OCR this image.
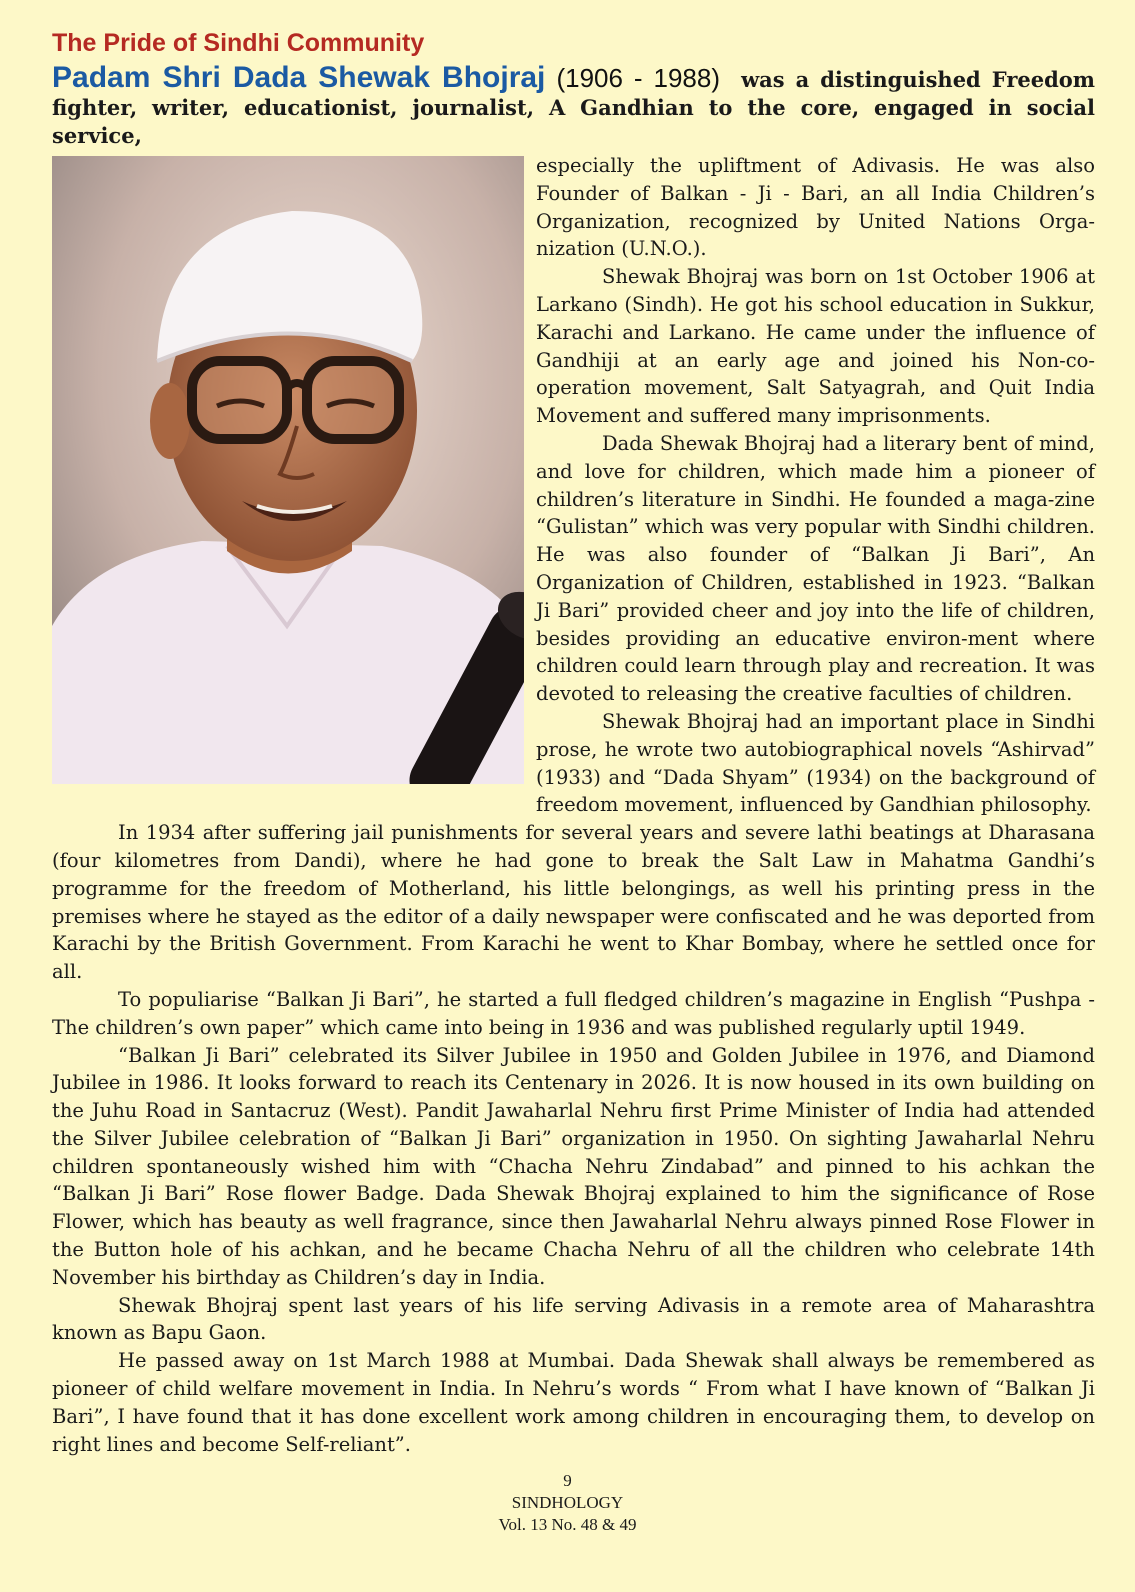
The Pride of Sindhi Community

Padam Shri Dada Shewak Bhojraj (1906 - 1988) was a distinguished Freedom fighter, writer, educationist, journalist, A Gandhian to the core, engaged in social service,

especially the upliftment of Adivasis. He was also Founder of Balkan - Ji - Bari, an all India Children’s Organization, recognized by United Nations Orga-nization (U.N.O.).

Shewak Bhojraj was born on 1st October 1906 at Larkano (Sindh). He got his school education in Sukkur, Karachi and Larkano. He came under the influence of Gandhiji at an early age and joined his Non-co-operation movement, Salt Satyagrah, and Quit India Movement and suffered many imprisonments.

Dada Shewak Bhojraj had a literary bent of mind, and love for children, which made him a pioneer of children’s literature in Sindhi. He founded a maga-zine “Gulistan” which was very popular with Sindhi children. He was also founder of “Balkan Ji Bari”, An Organization of Children, established in 1923. “Balkan Ji Bari” provided cheer and joy into the life of children, besides providing an educative environ-ment where children could learn through play and recreation. It was devoted to releasing the creative faculties of children.

Shewak Bhojraj had an important place in Sindhi prose, he wrote two autobiographical novels “Ashirvad” (1933) and “Dada Shyam” (1934) on the background of freedom movement, influenced by Gandhian philosophy.

In 1934 after suffering jail punishments for several years and severe lathi beatings at Dharasana (four kilometres from Dandi), where he had gone to break the Salt Law in Mahatma Gandhi’s programme for the freedom of Motherland, his little belongings, as well his printing press in the premises where he stayed as the editor of a daily newspaper were confiscated and he was deported from Karachi by the British Government. From Karachi he went to Khar Bombay, where he settled once for all.

To populiarise “Balkan Ji Bari”, he started a full fledged children’s magazine in English “Pushpa - The children’s own paper” which came into being in 1936 and was published regularly uptil 1949.

“Balkan Ji Bari” celebrated its Silver Jubilee in 1950 and Golden Jubilee in 1976, and Diamond Jubilee in 1986. It looks forward to reach its Centenary in 2026. It is now housed in its own building on the Juhu Road in Santacruz (West). Pandit Jawaharlal Nehru first Prime Minister of India had attended the Silver Jubilee celebration of “Balkan Ji Bari” organization in 1950. On sighting Jawaharlal Nehru children spontaneously wished him with “Chacha Nehru Zindabad” and pinned to his achkan the “Balkan Ji Bari” Rose flower Badge. Dada Shewak Bhojraj explained to him the significance of Rose Flower, which has beauty as well fragrance, since then Jawaharlal Nehru always pinned Rose Flower in the Button hole of his achkan, and he became Chacha Nehru of all the children who celebrate 14th November his birthday as Children’s day in India.

Shewak Bhojraj spent last years of his life serving Adivasis in a remote area of Maharashtra known as Bapu Gaon.

He passed away on 1st March 1988 at Mumbai. Dada Shewak shall always be remembered as pioneer of child welfare movement in India. In Nehru’s words “ From what I have known of “Balkan Ji Bari”, I have found that it has done excellent work among children in encouraging them, to develop on right lines and become Self-reliant”.

9
SINDHOLOGY
Vol. 13 No. 48 & 49
